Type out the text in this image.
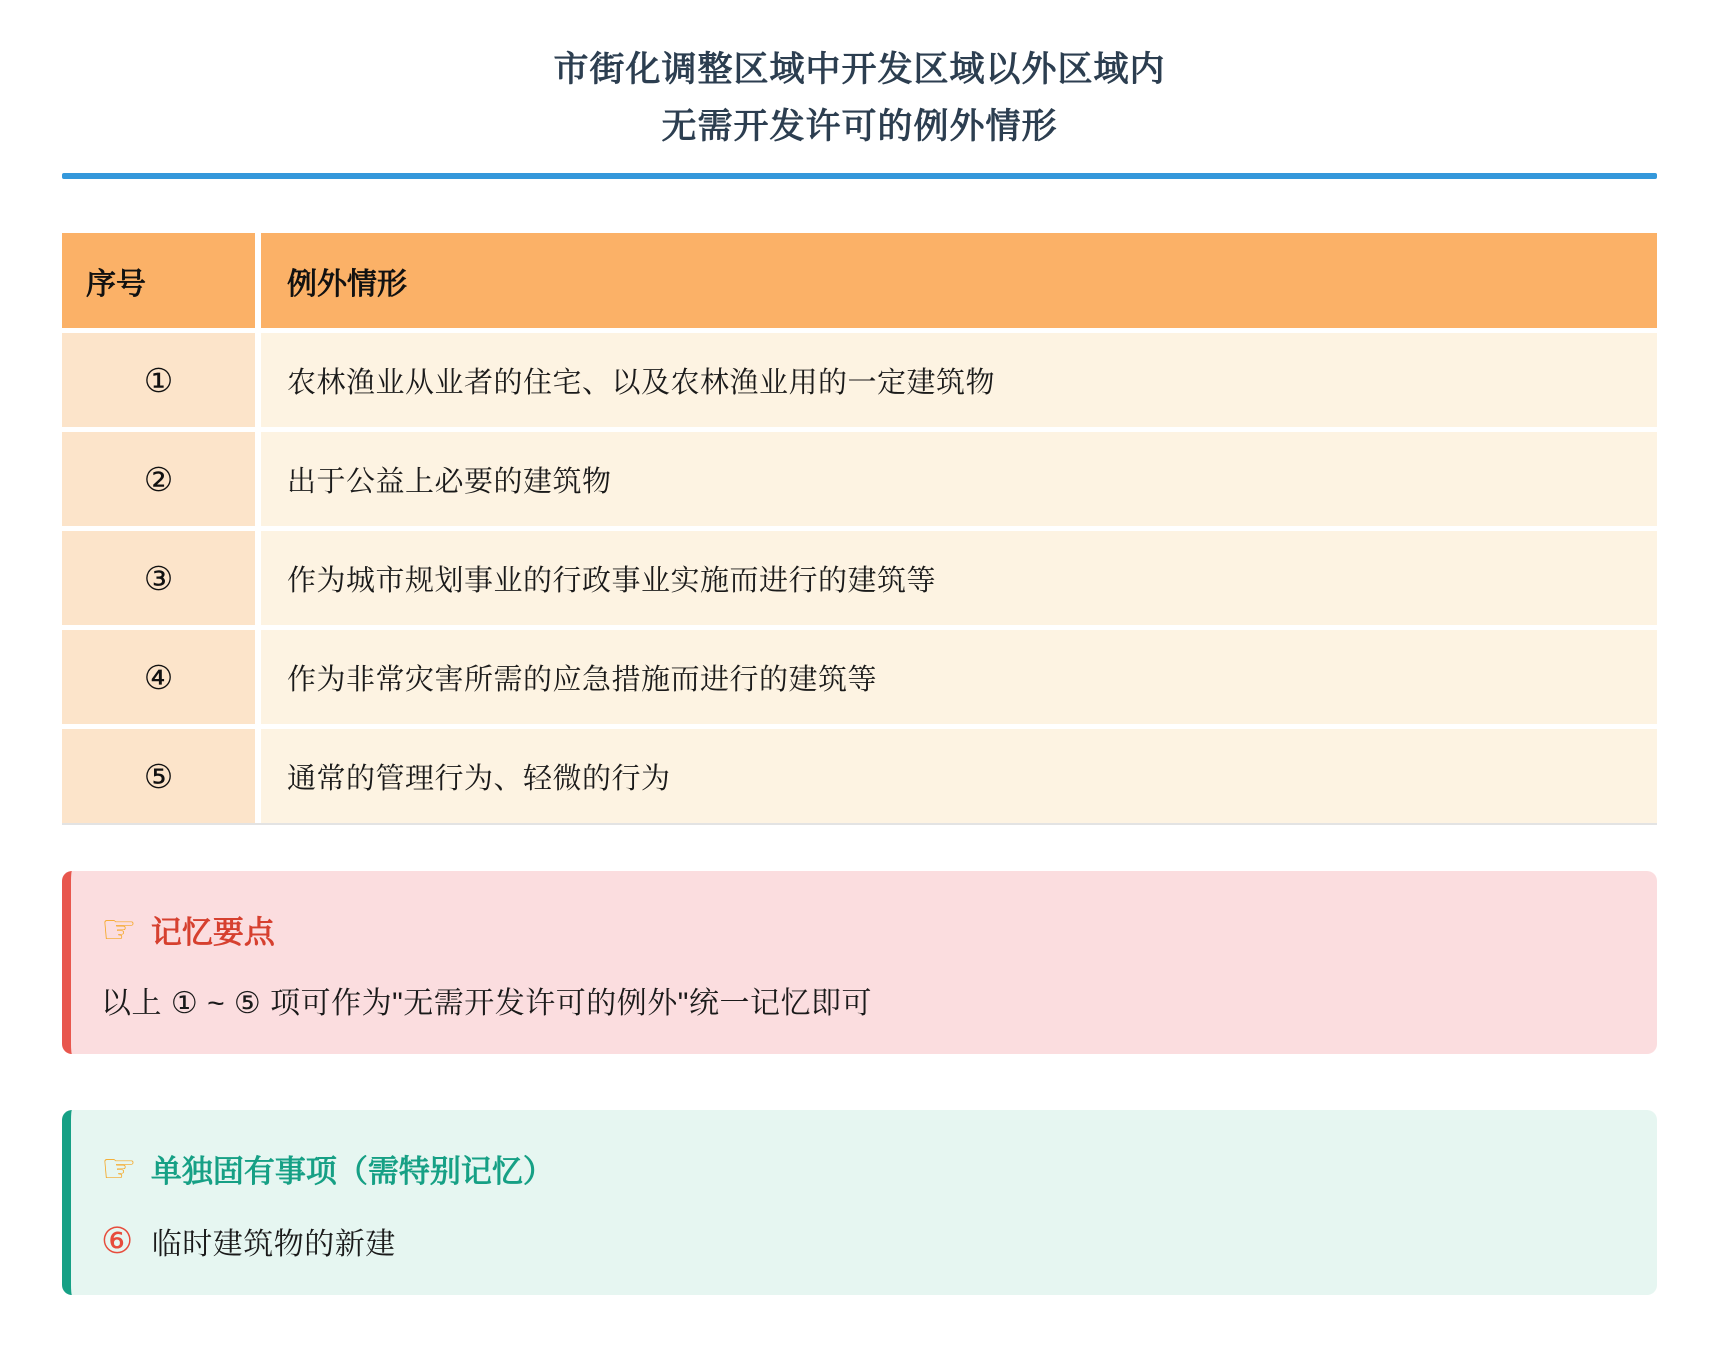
市街化调整区域中开发区域以外区域内
无需开发许可的例外情形
序号	例外情形
①	农林渔业从业者的住宅、以及农林渔业用的一定建筑物
②	出于公益上必要的建筑物
③	作为城市规划事业的行政事业实施而进行的建筑等
④	作为非常灾害所需的应急措施而进行的建筑等
⑤	通常的管理行为、轻微的行为
☞ 记忆要点
以上 ① ~ ⑤ 项可作为"无需开发许可的例外"统一记忆即可
☞ 单独固有事项（需特别记忆）
⑥ 临时建筑物的新建
